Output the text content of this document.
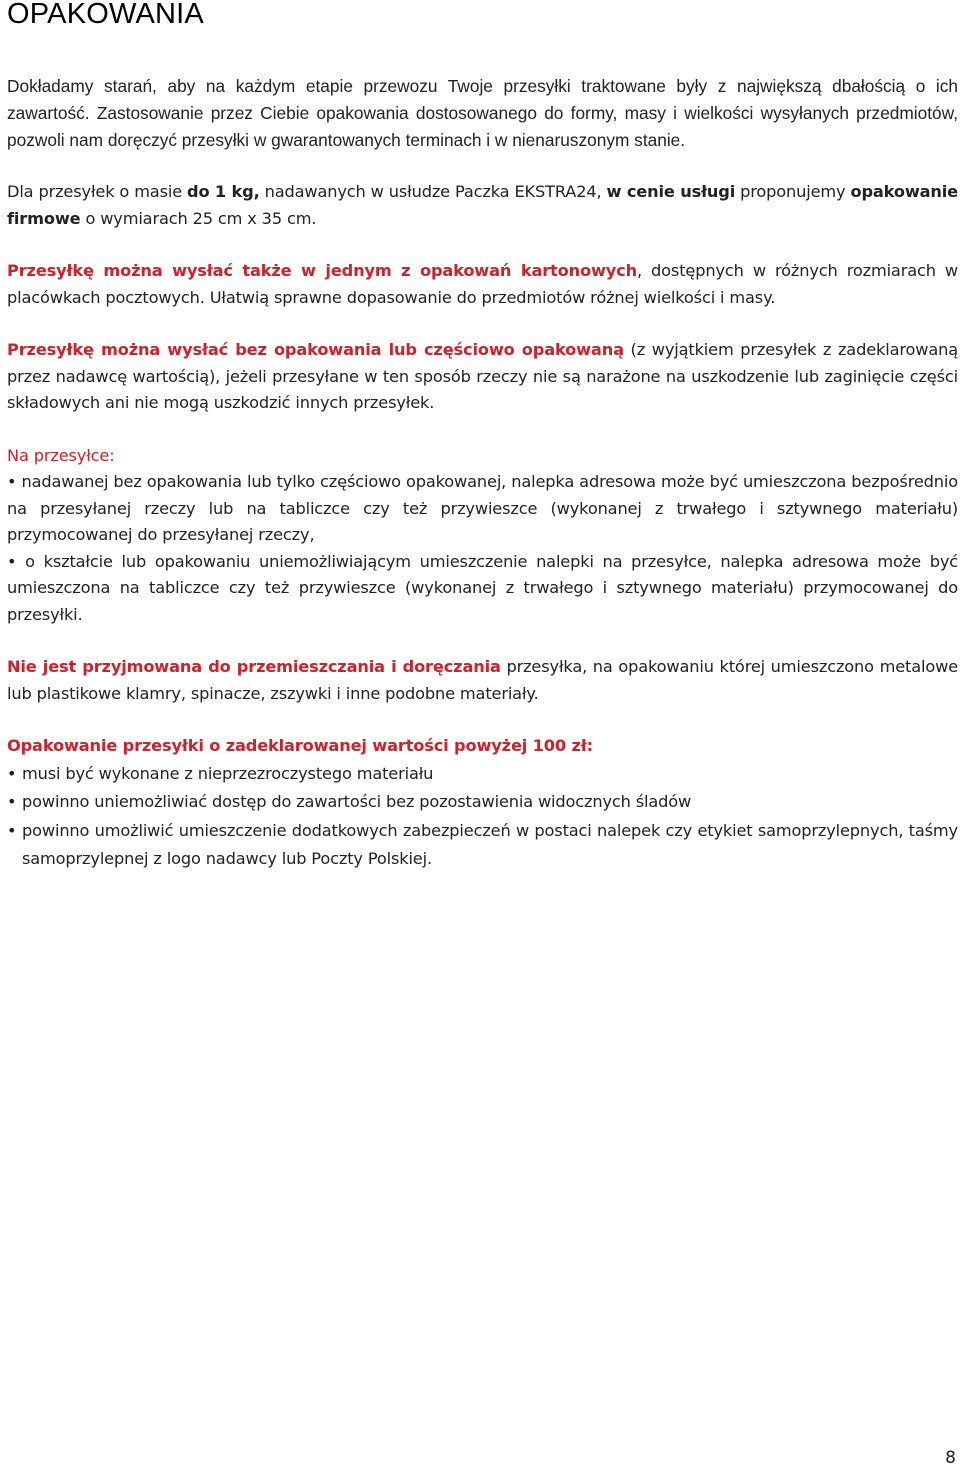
OPAKOWANIA

Dokładamy starań, aby na każdym etapie przewozu Twoje przesyłki traktowane były z największą dbałością o ich zawartość. Zastosowanie przez Ciebie opakowania dostosowanego do formy, masy i wielkości wysyłanych przedmiotów, pozwoli nam doręczyć przesyłki w gwarantowanych terminach i w nienaruszonym stanie.

Dla przesyłek o masie do 1 kg, nadawanych w usłudze Paczka EKSTRA24, w cenie usługi proponujemy opakowanie firmowe o wymiarach 25 cm x 35 cm.

Przesyłkę można wysłać także w jednym z opakowań kartonowych, dostępnych w różnych rozmiarach w placówkach pocztowych. Ułatwią sprawne dopasowanie do przedmiotów różnej wielkości i masy.

Przesyłkę można wysłać bez opakowania lub częściowo opakowaną (z wyjątkiem przesyłek z zadeklarowaną przez nadawcę wartością), jeżeli przesyłane w ten sposób rzeczy nie są narażone na uszkodzenie lub zaginięcie części składowych ani nie mogą uszkodzić innych przesyłek.

Na przesyłce:

• nadawanej bez opakowania lub tylko częściowo opakowanej, nalepka adresowa może być umieszczona bezpośrednio na przesyłanej rzeczy lub na tabliczce czy też przywieszce (wykonanej z trwałego i sztywnego materiału) przymocowanej do przesyłanej rzeczy,

• o kształcie lub opakowaniu uniemożliwiającym umieszczenie nalepki na przesyłce, nalepka adresowa może być umieszczona na tabliczce czy też przywieszce (wykonanej z trwałego i sztywnego materiału) przymocowanej do przesyłki.

Nie jest przyjmowana do przemieszczania i doręczania przesyłka, na opakowaniu której umieszczono metalowe lub plastikowe klamry, spinacze, zszywki i inne podobne materiały.

Opakowanie przesyłki o zadeklarowanej wartości powyżej 100 zł:

• musi być wykonane z nieprzezroczystego materiału
• powinno uniemożliwiać dostęp do zawartości bez pozostawienia widocznych śladów
• powinno umożliwić umieszczenie dodatkowych zabezpieczeń w postaci nalepek czy etykiet samoprzylepnych, taśmy samoprzylepnej z logo nadawcy lub Poczty Polskiej.
8
